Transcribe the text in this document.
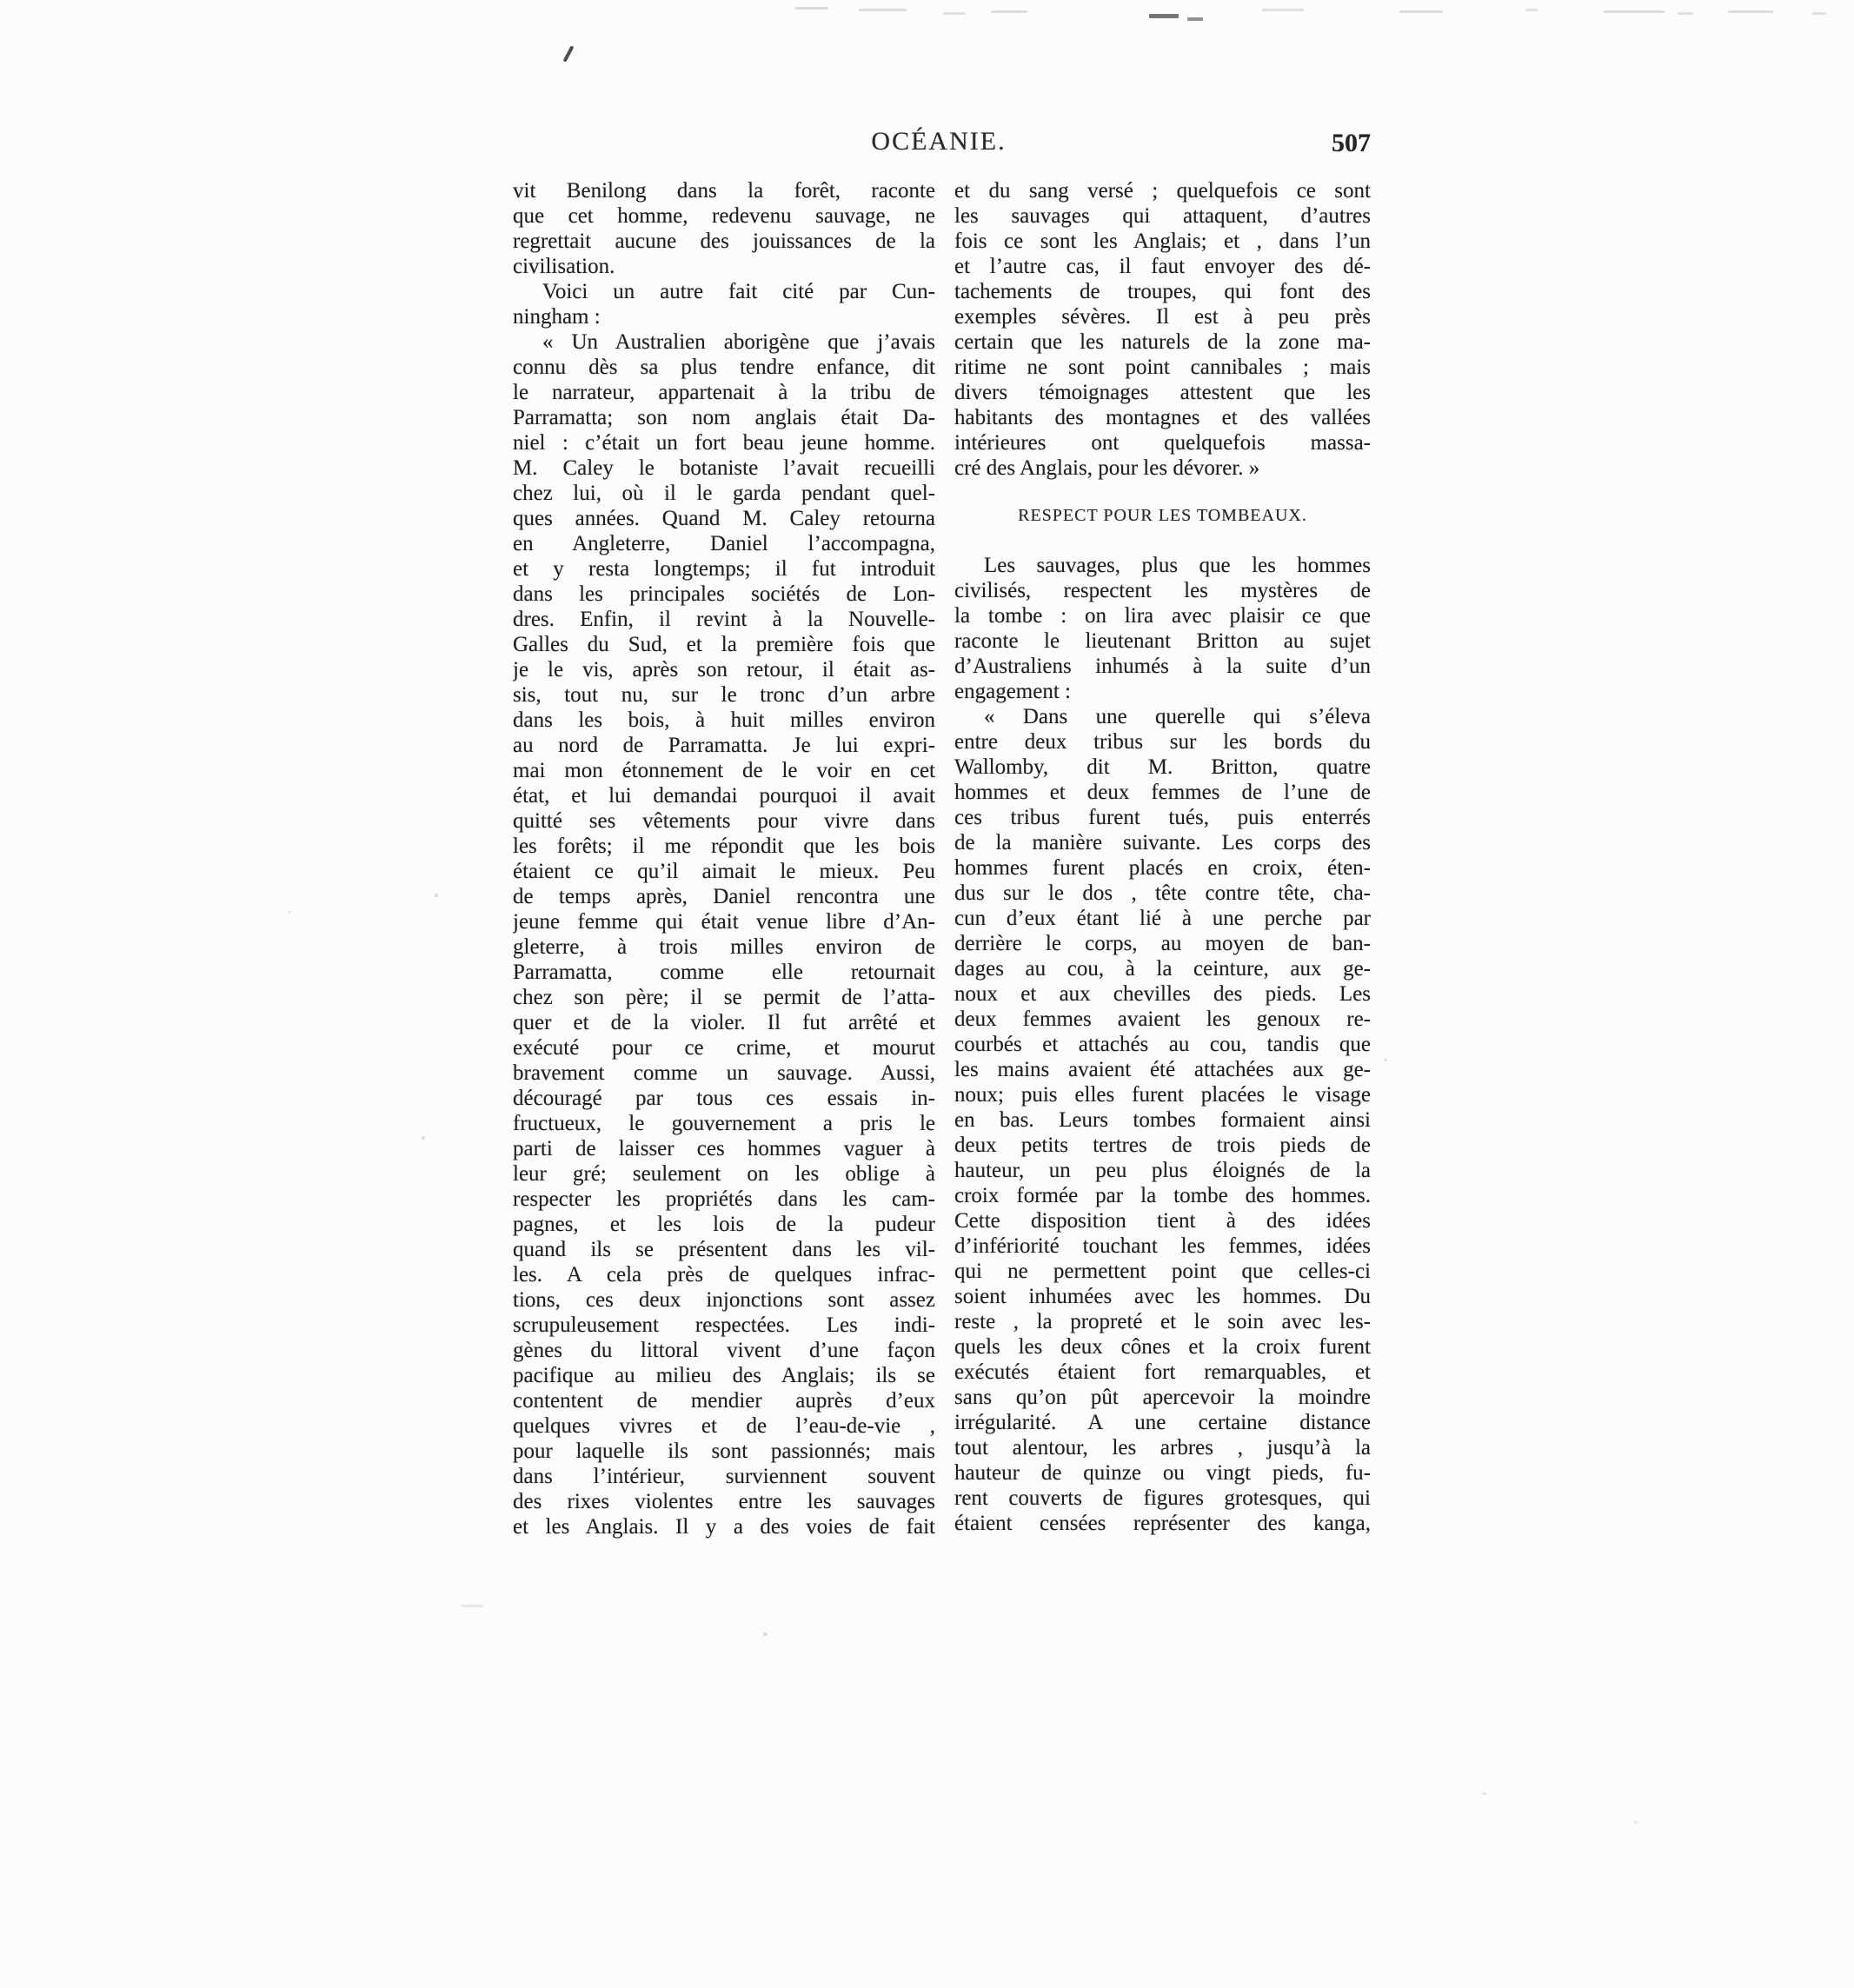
OCÉANIE.	507
vit Benilong dans la forêt, raconte
que cet homme, redevenu sauvage, ne
regrettait aucune des jouissances de la
civilisation.
Voici un autre fait cité par Cun-
ningham :
« Un Australien aborigène que j’avais
connu dès sa plus tendre enfance, dit
le narrateur, appartenait à la tribu de
Parramatta; son nom anglais était Da-
niel : c’était un fort beau jeune homme.
M. Caley le botaniste l’avait recueilli
chez lui, où il le garda pendant quel-
ques années. Quand M. Caley retourna
en Angleterre, Daniel l’accompagna,
et y resta longtemps; il fut introduit
dans les principales sociétés de Lon-
dres. Enfin, il revint à la Nouvelle-
Galles du Sud, et la première fois que
je le vis, après son retour, il était as-
sis, tout nu, sur le tronc d’un arbre
dans les bois, à huit milles environ
au nord de Parramatta. Je lui expri-
mai mon étonnement de le voir en cet
état, et lui demandai pourquoi il avait
quitté ses vêtements pour vivre dans
les forêts; il me répondit que les bois
étaient ce qu’il aimait le mieux. Peu
de temps après, Daniel rencontra une
jeune femme qui était venue libre d’An-
gleterre, à trois milles environ de
Parramatta, comme elle retournait
chez son père; il se permit de l’atta-
quer et de la violer. Il fut arrêté et
exécuté pour ce crime, et mourut
bravement comme un sauvage. Aussi,
découragé par tous ces essais in-
fructueux, le gouvernement a pris le
parti de laisser ces hommes vaguer à
leur gré; seulement on les oblige à
respecter les propriétés dans les cam-
pagnes, et les lois de la pudeur
quand ils se présentent dans les vil-
les. A cela près de quelques infrac-
tions, ces deux injonctions sont assez
scrupuleusement respectées. Les indi-
gènes du littoral vivent d’une façon
pacifique au milieu des Anglais; ils se
contentent de mendier auprès d’eux
quelques vivres et de l’eau-de-vie ,
pour laquelle ils sont passionnés; mais
dans l’intérieur, surviennent souvent
des rixes violentes entre les sauvages
et les Anglais. Il y a des voies de fait
et du sang versé ; quelquefois ce sont
les sauvages qui attaquent, d’autres
fois ce sont les Anglais; et , dans l’un
et l’autre cas, il faut envoyer des dé-
tachements de troupes, qui font des
exemples sévères. Il est à peu près
certain que les naturels de la zone ma-
ritime ne sont point cannibales ; mais
divers témoignages attestent que les
habitants des montagnes et des vallées
intérieures ont quelquefois massa-
cré des Anglais, pour les dévorer. »
RESPECT POUR LES TOMBEAUX.
Les sauvages, plus que les hommes
civilisés, respectent les mystères de
la tombe : on lira avec plaisir ce que
raconte le lieutenant Britton au sujet
d’Australiens inhumés à la suite d’un
engagement :
« Dans une querelle qui s’éleva
entre deux tribus sur les bords du
Wallomby, dit M. Britton, quatre
hommes et deux femmes de l’une de
ces tribus furent tués, puis enterrés
de la manière suivante. Les corps des
hommes furent placés en croix, éten-
dus sur le dos , tête contre tête, cha-
cun d’eux étant lié à une perche par
derrière le corps, au moyen de ban-
dages au cou, à la ceinture, aux ge-
noux et aux chevilles des pieds. Les
deux femmes avaient les genoux re-
courbés et attachés au cou, tandis que
les mains avaient été attachées aux ge-
noux; puis elles furent placées le visage
en bas. Leurs tombes formaient ainsi
deux petits tertres de trois pieds de
hauteur, un peu plus éloignés de la
croix formée par la tombe des hommes.
Cette disposition tient à des idées
d’infériorité touchant les femmes, idées
qui ne permettent point que celles-ci
soient inhumées avec les hommes. Du
reste , la propreté et le soin avec les-
quels les deux cônes et la croix furent
exécutés étaient fort remarquables, et
sans qu’on pût apercevoir la moindre
irrégularité. A une certaine distance
tout alentour, les arbres , jusqu’à la
hauteur de quinze ou vingt pieds, fu-
rent couverts de figures grotesques, qui
étaient censées représenter des kanga,
